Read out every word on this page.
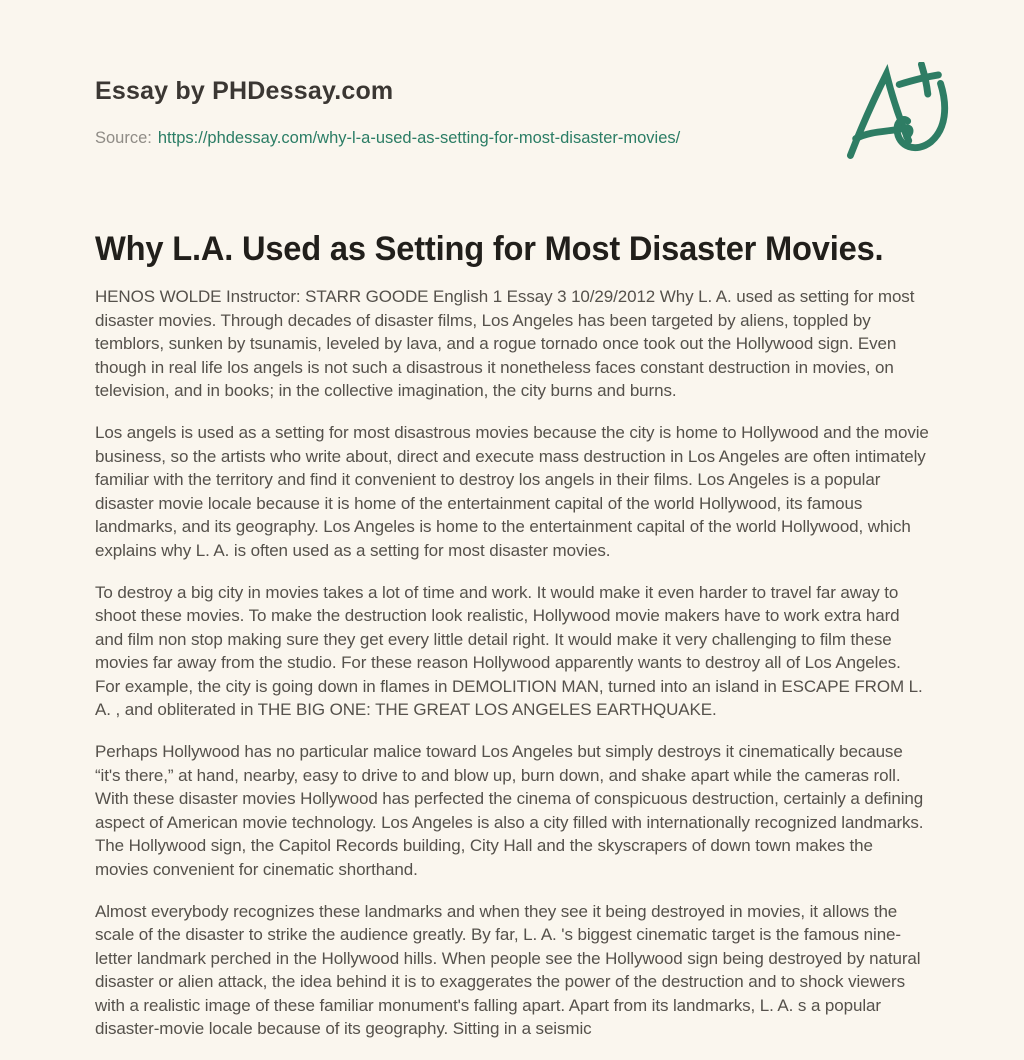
Essay by PHDessay.com
Source: https://phdessay.com/why-l-a-used-as-setting-for-most-disaster-movies/
Why L.A. Used as Setting for Most Disaster Movies.

HENOS WOLDE Instructor: STARR GOODE English 1 Essay 3 10/29/2012 Why L. A. used as setting for most disaster movies. Through decades of disaster films, Los Angeles has been targeted by aliens, toppled by temblors, sunken by tsunamis, leveled by lava, and a rogue tornado once took out the Hollywood sign. Even though in real life los angels is not such a disastrous it nonetheless faces constant destruction in movies, on television, and in books; in the collective imagination, the city burns and burns.

Los angels is used as a setting for most disastrous movies because the city is home to Hollywood and the movie business, so the artists who write about, direct and execute mass destruction in Los Angeles are often intimately familiar with the territory and find it convenient to destroy los angels in their films. Los Angeles is a popular disaster movie locale because it is home of the entertainment capital of the world Hollywood, its famous landmarks, and its geography. Los Angeles is home to the entertainment capital of the world Hollywood, which explains why L. A. is often used as a setting for most disaster movies.

To destroy a big city in movies takes a lot of time and work. It would make it even harder to travel far away to shoot these movies. To make the destruction look realistic, Hollywood movie makers have to work extra hard and film non stop making sure they get every little detail right. It would make it very challenging to film these movies far away from the studio. For these reason Hollywood apparently wants to destroy all of Los Angeles. For example, the city is going down in flames in DEMOLITION MAN, turned into an island in ESCAPE FROM L. A. , and obliterated in THE BIG ONE: THE GREAT LOS ANGELES EARTHQUAKE.

Perhaps Hollywood has no particular malice toward Los Angeles but simply destroys it cinematically because “it's there,” at hand, nearby, easy to drive to and blow up, burn down, and shake apart while the cameras roll. With these disaster movies Hollywood has perfected the cinema of conspicuous destruction, certainly a defining aspect of American movie technology. Los Angeles is also a city filled with internationally recognized landmarks. The Hollywood sign, the Capitol Records building, City Hall and the skyscrapers of down town makes the movies convenient for cinematic shorthand.

Almost everybody recognizes these landmarks and when they see it being destroyed in movies, it allows the scale of the disaster to strike the audience greatly. By far, L. A. 's biggest cinematic target is the famous nine-letter landmark perched in the Hollywood hills. When people see the Hollywood sign being destroyed by natural disaster or alien attack, the idea behind it is to exaggerates the power of the destruction and to shock viewers with a realistic image of these familiar monument's falling apart. Apart from its landmarks, L. A. s a popular disaster-movie locale because of its geography. Sitting in a seismic
